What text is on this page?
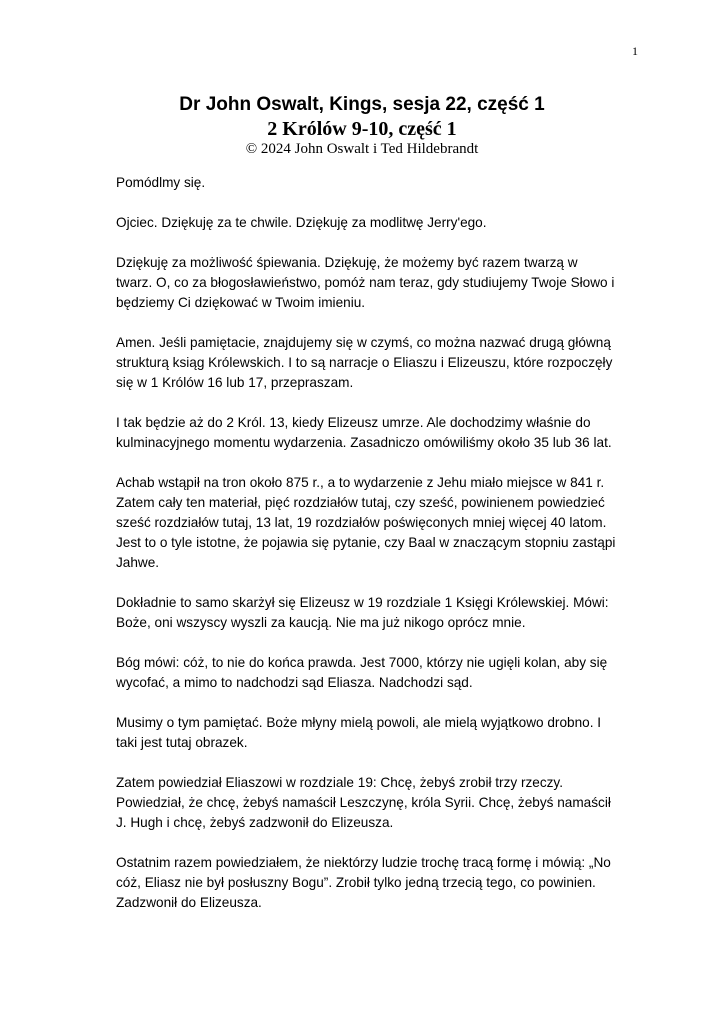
1

Dr John Oswalt, Kings, sesja 22, część 1

2 Królów 9-10, część 1

© 2024 John Oswalt i Ted Hildebrandt

Pomódlmy się.

Ojciec. Dziękuję za te chwile. Dziękuję za modlitwę Jerry'ego.

Dziękuję za możliwość śpiewania. Dziękuję, że możemy być razem twarzą w twarz. O, co za błogosławieństwo, pomóż nam teraz, gdy studiujemy Twoje Słowo i będziemy Ci dziękować w Twoim imieniu.

Amen. Jeśli pamiętacie, znajdujemy się w czymś, co można nazwać drugą główną strukturą ksiąg Królewskich. I to są narracje o Eliaszu i Elizeuszu, które rozpoczęły się w 1 Królów 16 lub 17, przepraszam.

I tak będzie aż do 2 Król. 13, kiedy Elizeusz umrze. Ale dochodzimy właśnie do kulminacyjnego momentu wydarzenia. Zasadniczo omówiliśmy około 35 lub 36 lat.

Achab wstąpił na tron około 875 r., a to wydarzenie z Jehu miało miejsce w 841 r. Zatem cały ten materiał, pięć rozdziałów tutaj, czy sześć, powinienem powiedzieć sześć rozdziałów tutaj, 13 lat, 19 rozdziałów poświęconych mniej więcej 40 latom. Jest to o tyle istotne, że pojawia się pytanie, czy Baal w znaczącym stopniu zastąpi Jahwe.

Dokładnie to samo skarżył się Elizeusz w 19 rozdziale 1 Księgi Królewskiej. Mówi: Boże, oni wszyscy wyszli za kaucją. Nie ma już nikogo oprócz mnie.

Bóg mówi: cóż, to nie do końca prawda. Jest 7000, którzy nie ugięli kolan, aby się wycofać, a mimo to nadchodzi sąd Eliasza. Nadchodzi sąd.

Musimy o tym pamiętać. Boże młyny mielą powoli, ale mielą wyjątkowo drobno. I taki jest tutaj obrazek.

Zatem powiedział Eliaszowi w rozdziale 19: Chcę, żebyś zrobił trzy rzeczy. Powiedział, że chcę, żebyś namaścił Leszczynę, króla Syrii. Chcę, żebyś namaścił J. Hugh i chcę, żebyś zadzwonił do Elizeusza.

Ostatnim razem powiedziałem, że niektórzy ludzie trochę tracą formę i mówią: „No cóż, Eliasz nie był posłuszny Bogu”. Zrobił tylko jedną trzecią tego, co powinien. Zadzwonił do Elizeusza.
